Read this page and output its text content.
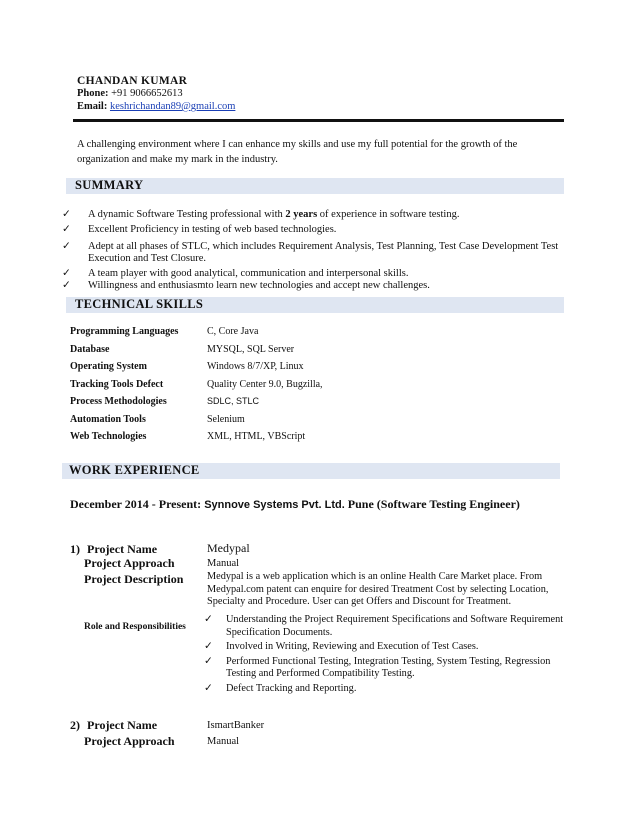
CHANDAN KUMAR
Phone: +91 9066652613
Email: keshrichandan89@gmail.com
A challenging environment where I can enhance my skills and use my full potential for the growth of the organization and make my mark in the industry.
SUMMARY

✓ A dynamic Software Testing professional with 2 years of experience in software testing.

✓ Excellent Proficiency in testing of web based technologies.

✓ Adept at all phases of STLC, which includes Requirement Analysis, Test Planning, Test Case Development Test Execution and Test Closure.

✓ A team player with good analytical, communication and interpersonal skills.

✓ Willingness and enthusiasmto learn new technologies and accept new challenges.

TECHNICAL SKILLS
Programming Languages	C, Core Java
Database	MYSQL, SQL Server
Operating System	Windows 8/7/XP, Linux
Tracking Tools Defect	Quality Center 9.0, Bugzilla,
Process Methodologies	SDLC, STLC
Automation Tools	Selenium
Web Technologies	XML, HTML, VBScript
WORK EXPERIENCE
December 2014 - Present: Synnove Systems Pvt. Ltd. Pune (Software Testing Engineer)
1) Project Name	Medypal
Project Approach	Manual
Project Description Medypal is a web application which is an online Health Care Market place. From Medypal.com patent can enquire for desired Treatment Cost by selecting Location, Specialty and Procedure. User can get Offers and Discount for Treatment.
Role and Responsibilities

✓ Understanding the Project Requirement Specifications and Software Requirement Specification Documents.

✓ Involved in Writing, Reviewing and Execution of Test Cases.

✓ Performed Functional Testing, Integration Testing, System Testing, Regression Testing and Performed Compatibility Testing.

✓ Defect Tracking and Reporting.

2) Project Name	IsmartBanker
Project Approach	Manual
